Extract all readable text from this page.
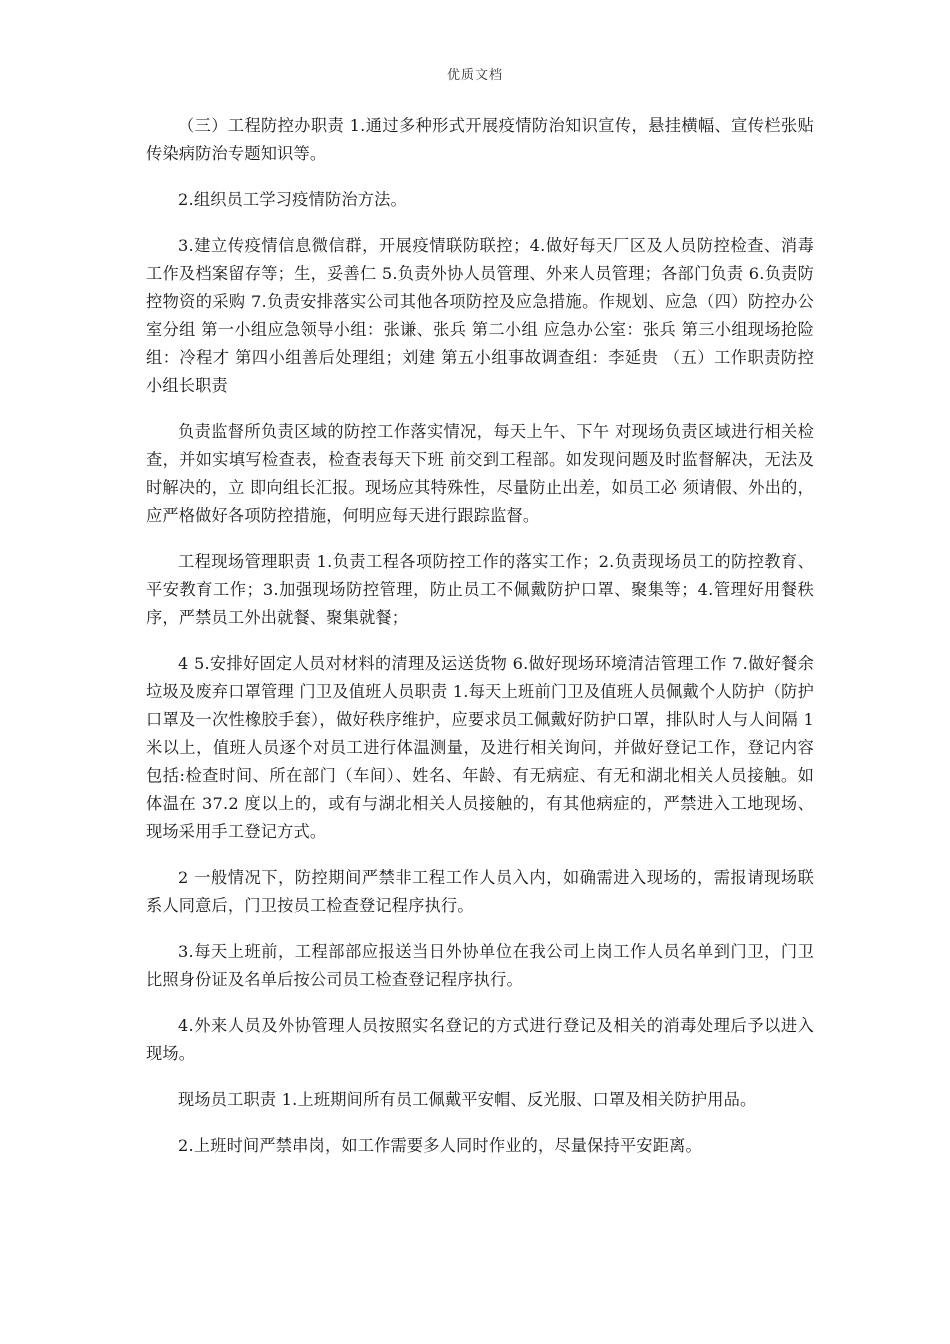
优质文档

（三）工程防控办职责 1.通过多种形式开展疫情防治知识宣传，悬挂横幅、宣传栏张贴传染病防治专题知识等。

2.组织员工学习疫情防治方法。

3.建立传疫情信息微信群，开展疫情联防联控；4.做好每天厂区及人员防控检查、消毒工作及档案留存等；生，妥善仁 5.负责外协人员管理、外来人员管理；各部门负责 6.负责防控物资的采购 7.负责安排落实公司其他各项防控及应急措施。作规划、应急（四）防控办公室分组 第一小组应急领导小组：张谦、张兵 第二小组 应急办公室：张兵 第三小组现场抢险组：冷程才 第四小组善后处理组；刘建 第五小组事故调查组：李延贵 （五）工作职责防控小组长职责

负责监督所负责区域的防控工作落实情况，每天上午、下午 对现场负责区域进行相关检查，并如实填写检查表，检查表每天下班 前交到工程部。如发现问题及时监督解决，无法及时解决的，立 即向组长汇报。现场应其特殊性，尽量防止出差，如员工必 须请假、外出的，应严格做好各项防控措施，何明应每天进行跟踪监督。

工程现场管理职责 1.负责工程各项防控工作的落实工作；2.负责现场员工的防控教育、平安教育工作；3.加强现场防控管理，防止员工不佩戴防护口罩、聚集等；4.管理好用餐秩序，严禁员工外出就餐、聚集就餐；

4 5.安排好固定人员对材料的清理及运送货物 6.做好现场环境清洁管理工作 7.做好餐余垃圾及废弃口罩管理 门卫及值班人员职责 1.每天上班前门卫及值班人员佩戴个人防护（防护口罩及一次性橡胶手套），做好秩序维护，应要求员工佩戴好防护口罩，排队时人与人间隔 1 米以上，值班人员逐个对员工进行体温测量，及进行相关询问，并做好登记工作，登记内容包括:检查时间、所在部门（车间）、姓名、年龄、有无病症、有无和湖北相关人员接触。如体温在 37.2 度以上的，或有与湖北相关人员接触的，有其他病症的，严禁进入工地现场、现场采用手工登记方式。

2 一般情况下，防控期间严禁非工程工作人员入内，如确需进入现场的，需报请现场联系人同意后，门卫按员工检查登记程序执行。

3.每天上班前，工程部部应报送当日外协单位在我公司上岗工作人员名单到门卫，门卫比照身份证及名单后按公司员工检查登记程序执行。

4.外来人员及外协管理人员按照实名登记的方式进行登记及相关的消毒处理后予以进入现场。

现场员工职责 1.上班期间所有员工佩戴平安帽、反光服、口罩及相关防护用品。

2.上班时间严禁串岗，如工作需要多人同时作业的，尽量保持平安距离。
